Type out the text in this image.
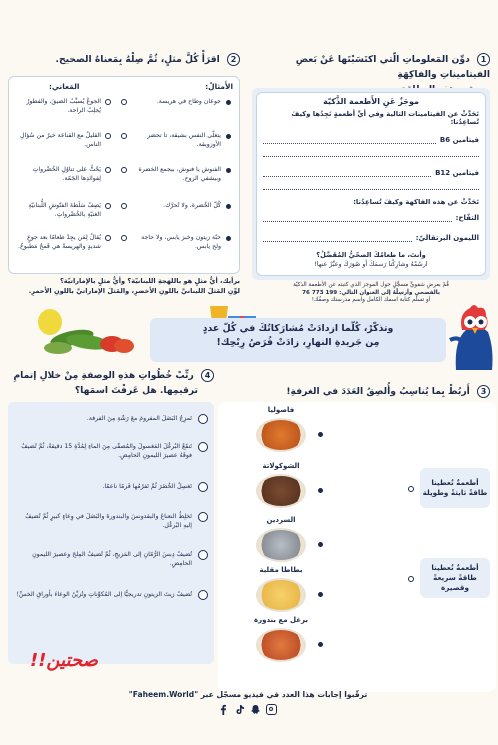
1 دوِّن المَعلوماتِ الّتي اكتَسَبْتَها عَنْ بَعضِ الفيتاميناتِ والفاكِهَةِ
موجَزٌ عَنِ الأَطعمة الذَّكيّة
تَحَدَّثْ عن الفيتامينات التالية وفي أيِّ أطعمةٍ نَجِدُها وكيفَ تُساعِدُنا:
فيتامين B6
فيتامين B12
تَحَدَّثْ عن هذه الفاكهة وكيفَ تُساعِدُنا:
التفّاح:
الليمون البرتقاليّ:
وأنتَ، ما طعامُكَ الصحّيُّ المُفَضَّلُ؟
ارسُمْهُ وشارِكْنا رَسمَكَ أو صُوَرَكَ وعبِّرْ عنها!
قُمْ بعرضِ شفويٍّ مسجَّلٍ حول الموجز الذي كتبته عن الأطعمة الذكيّة
بالفصحى وأرسِلْهُ إلى العنوان التالي: 199 773 76
أو تسلّم كتابة اسمك الكامل واسم مدرستك وصفّك!
2 اقرَأْ كُلَّ مثلٍ، ثُمَّ صِلْهُ بِمَعناهُ الصحيح.
الأَمثالُ:
المَعاني:
جوعان وطاح في هريسة.
الجوعُ يُسبِّبُ الضيقَ، والفطورُ يُجلِبُ الراحة.
يتغلّى النفس بشيقة، تا تحضر الأوزويقة.
القليلُ مع القناعة خيرٌ من سُؤالِ الناس.
الفنوش يا فنوش، بيجمع الخضرة وبيشفي الروح.
يَحُثُّ على تناوُلِ الخُضْرواتِ لِفوائدِها الجَمّة.
كُلّ الخُضرة، ولا تُحرَّك.
يَصِفُ سَلَطةَ الفتّوشِ اللُّبنانيّةِ الغنيّةِ بالخُضْرواتِ.
حبّة زيتون وخبز يابس، ولا حاجة ولح يابس.
يُقالُ لِمَن يجِدُ طعامًا بعد جوعٍ شديدٍ والهريسةُ هي قَمحٌ مَطبوخٌ.
برأيك، أيُّ مثلٍ هو باللهجةِ اللبنانيّة؟ وأيُّ مثلٍ بالإماراتيّة؟
لوِّنِ المَثلَ اللبنانيَّ باللونِ الأخضرِ، والمَثلَ الإماراتيَّ باللونِ الأحمرِ.
وتذكّرْ، كُلّما ازدادَتْ مُشارَكاتُكَ في كُلّ عددٍ
مِن جَريدةِ النهارِ، زادَتْ فُرَصُ رِبْحِك!
3 أَربُطْ بِما يُناسِبُ وأُلصِقُ العَدَدَ في الغرفةِ!
فاصوليا
الشوكولاتة
السردين
بطاطا مقلية
برغل مع بندورة
أطعمةٌ تُعطينا طاقةً ثابتةً وطويلة
أطعمةٌ تُعطينا طاقةً سريعةً وقصيرة
4 رتِّبْ خُطُواتِ هذهِ الوصفةِ مِنْ خلالِ إتمامِ
ترقيمِها. هل عَرفْتَ اسمَها؟
تَمزِجُ البَصَلَ المفرومَ معَ رَشّةِ مِنَ الفرفة.
تَنقَعُ البُرغُلَ المَغسولَ والمُصفّى مِنَ الماءِ لِمُدَّةِ 15 دقيقةً، ثُمَّ تُضيفُ فوقَهُ عصيرَ الليمونِ الحامِضِ.
تَغسِلُ الخُضَرَ ثُمَّ تَفرُمُها فَرمًا ناعمًا.
تَخلِطُ النعناعَ والبقدونسَ والبندورةَ والبَصَلَ في وِعاءٍ كبيرٍ ثُمَّ تُضيفُ إليهِ البُرغُل.
تُضيفُ دِبسَ الرُّمّانِ إلى المَزيجِ، ثُمَّ تُضيفُ المِلحَ وعصيرَ الليمونِ الحامِضِ.
تُضيفُ زيتَ الزيتونِ تدريجيًّا إلى المُكوِّناتِ وتُزيِّنُ الوعاءَ بأوراقِ الخسِّ!
صحتين!!
ترقّبوا إجابات هذا العدد في فيديو مسجّل عبر "Faheem.World"
